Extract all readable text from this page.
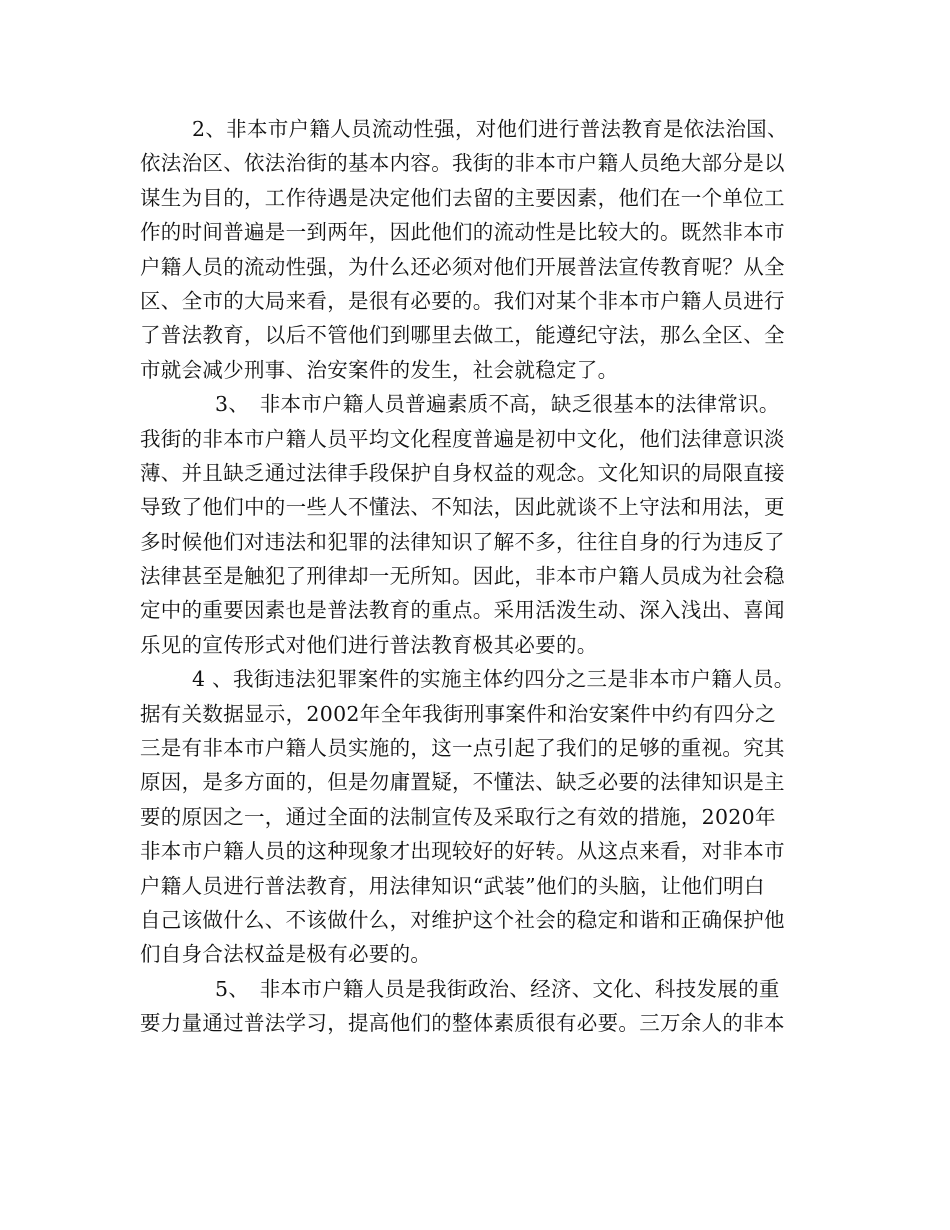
2、非本市户籍人员流动性强，对他们进行普法教育是依法治国、
依法治区、依法治街的基本内容。我街的非本市户籍人员绝大部分是以
谋生为目的，工作待遇是决定他们去留的主要因素，他们在一个单位工
作的时间普遍是一到两年，因此他们的流动性是比较大的。既然非本市
户籍人员的流动性强，为什么还必须对他们开展普法宣传教育呢？从全
区、全市的大局来看，是很有必要的。我们对某个非本市户籍人员进行
了普法教育，以后不管他们到哪里去做工，能遵纪守法，那么全区、全
市就会减少刑事、治安案件的发生，社会就稳定了。
3、　非本市户籍人员普遍素质不高，缺乏很基本的法律常识。
我街的非本市户籍人员平均文化程度普遍是初中文化，他们法律意识淡
薄、并且缺乏通过法律手段保护自身权益的观念。文化知识的局限直接
导致了他们中的一些人不懂法、不知法，因此就谈不上守法和用法，更
多时候他们对违法和犯罪的法律知识了解不多，往往自身的行为违反了
法律甚至是触犯了刑律却一无所知。因此，非本市户籍人员成为社会稳
定中的重要因素也是普法教育的重点。采用活泼生动、深入浅出、喜闻
乐见的宣传形式对他们进行普法教育极其必要的。
4 、我街违法犯罪案件的实施主体约四分之三是非本市户籍人员。
据有关数据显示，2002年全年我街刑事案件和治安案件中约有四分之
三是有非本市户籍人员实施的，这一点引起了我们的足够的重视。究其
原因，是多方面的，但是勿庸置疑，不懂法、缺乏必要的法律知识是主
要的原因之一，通过全面的法制宣传及采取行之有效的措施，2020年
非本市户籍人员的这种现象才出现较好的好转。从这点来看，对非本市
户籍人员进行普法教育，用法律知识“武装”他们的头脑，让他们明白
自己该做什么、不该做什么，对维护这个社会的稳定和谐和正确保护他
们自身合法权益是极有必要的。
5、　非本市户籍人员是我街政治、经济、文化、科技发展的重
要力量通过普法学习，提高他们的整体素质很有必要。三万余人的非本
